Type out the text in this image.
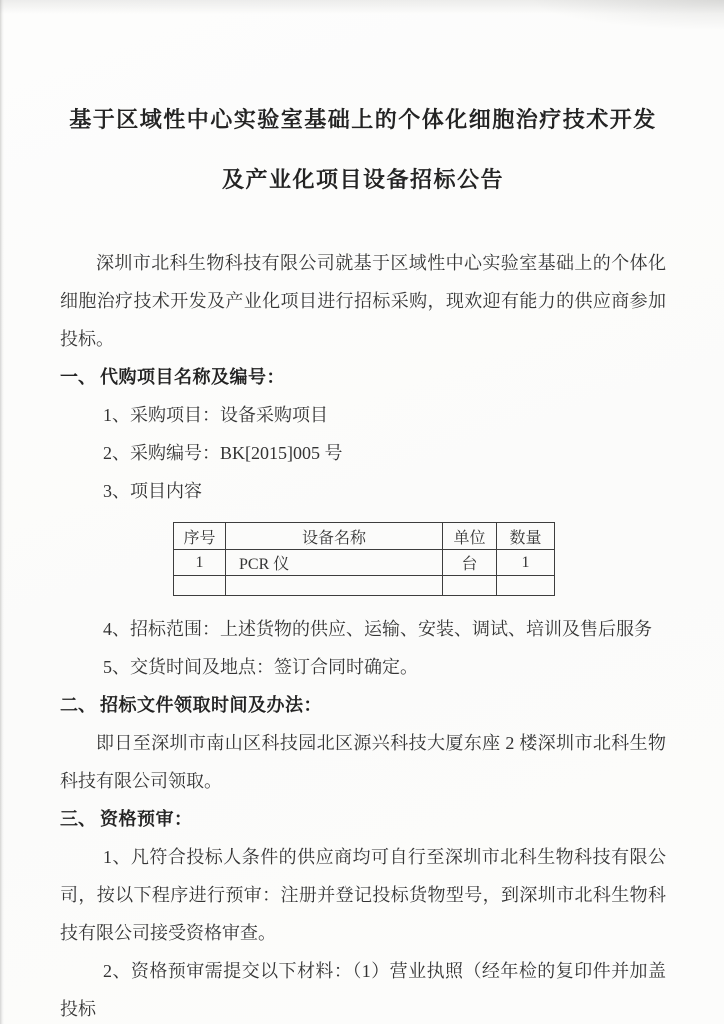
基于区域性中心实验室基础上的个体化细胞治疗技术开发
及产业化项目设备招标公告

深圳市北科生物科技有限公司就基于区域性中心实验室基础上的个体化细胞治疗技术开发及产业化项目进行招标采购，现欢迎有能力的供应商参加投标。

一、 代购项目名称及编号：
1、采购项目：设备采购项目
2、采购编号：BK[2015]005 号
3、项目内容
序号	设备名称	单位	数量
1	PCR 仪	台	1

4、招标范围：上述货物的供应、运输、安装、调试、培训及售后服务
5、交货时间及地点：签订合同时确定。
二、 招标文件领取时间及办法：

即日至深圳市南山区科技园北区源兴科技大厦东座 2 楼深圳市北科生物科技有限公司领取。

三、 资格预审：

1、凡符合投标人条件的供应商均可自行至深圳市北科生物科技有限公司，按以下程序进行预审：注册并登记投标货物型号，到深圳市北科生物科技有限公司接受资格审查。

2、资格预审需提交以下材料：（1）营业执照（经年检的复印件并加盖投标
